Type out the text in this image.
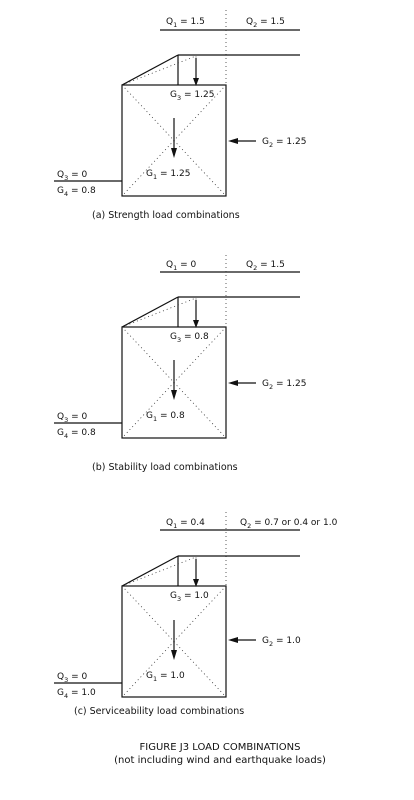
$Q_1 = 1.5$	$Q_2 = 1.5$
$G_3 = 1.25$
$G_1 = 1.25$
$G_2 = 1.25$
$Q_3 = 0$
$G_4 = 0.8$
(a) Strength load combinations
$Q_1 = 0$	$Q_2 = 1.5$
$G_3 = 0.8$
$G_1 = 0.8$
$G_2 = 1.25$
$Q_3 = 0$
$G_4 = 0.8$
(b) Stability load combinations
$Q_1 = 0.4$	$Q_2 = 0.7$ or 0.4 or 1.0
$G_3 = 1.0$
$G_1 = 1.0$
$G_2 = 1.0$
$Q_3 = 0$
$G_4 = 1.0$
(c) Serviceability load combinations
FIGURE J3 LOAD COMBINATIONS
(not including wind and earthquake loads)
